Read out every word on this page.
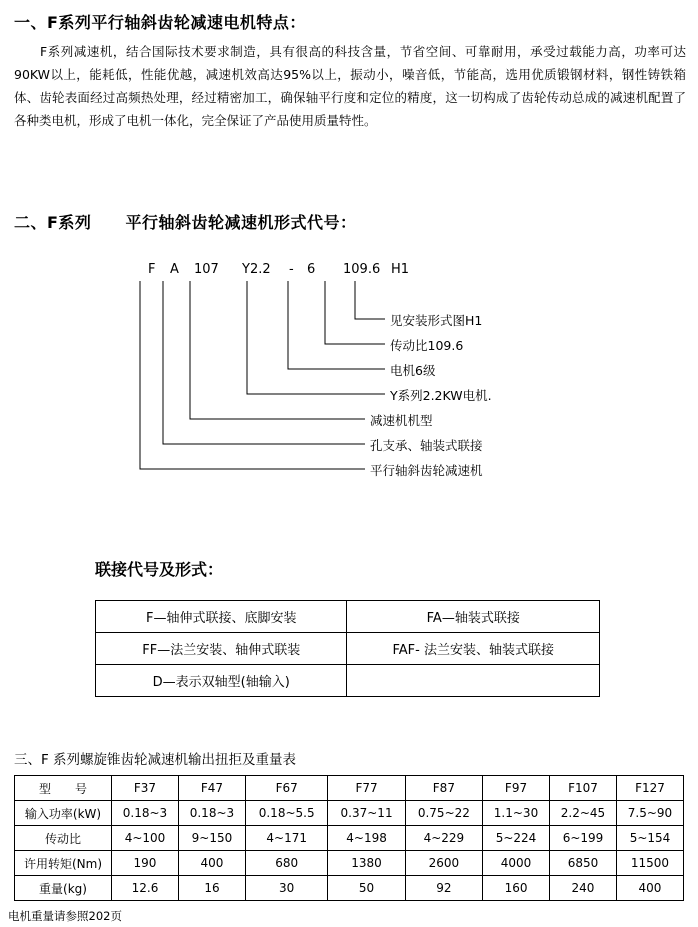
一、F系列平行轴斜齿轮减速电机特点：
F系列减速机，结合国际技术要求制造，具有很高的科技含量，节省空间、可靠耐用，承受过载能力高，功率可达90KW以上，能耗低，性能优越，减速机效高达95%以上，振动小，噪音低，节能高，选用优质锻钢材料，钢性铸铁箱体、齿轮表面经过高频热处理，经过精密加工，确保轴平行度和定位的精度，这一切构成了齿轮传动总成的减速机配置了各种类电机，形成了电机一体化，完全保证了产品使用质量特性。
二、F系列 平行轴斜齿轮减速机形式代号：
F A 107 Y2.2 - 6 109.6 H1
见安装形式图H1
传动比109.6
电机6级
Y系列2.2KW电机.
减速机机型
孔支承、轴装式联接
平行轴斜齿轮减速机
联接代号及形式：
F—轴伸式联接、底脚安装	FA—轴装式联接
FF—法兰安装、轴伸式联装	FAF- 法兰安装、轴装式联接
D—表示双轴型(轴输入)	
三、F 系列螺旋锥齿轮减速机输出扭拒及重量表
型　　号	F37	F47	F67	F77	F87	F97	F107	F127
输入功率(kW)	0.18~3	0.18~3	0.18~5.5	0.37~11	0.75~22	1.1~30	2.2~45	7.5~90
传动比	4~100	9~150	4~171	4~198	4~229	5~224	6~199	5~154
许用转矩(Nm)	190	400	680	1380	2600	4000	6850	11500
重量(kg)	12.6	16	30	50	92	160	240	400
电机重量请参照202页
